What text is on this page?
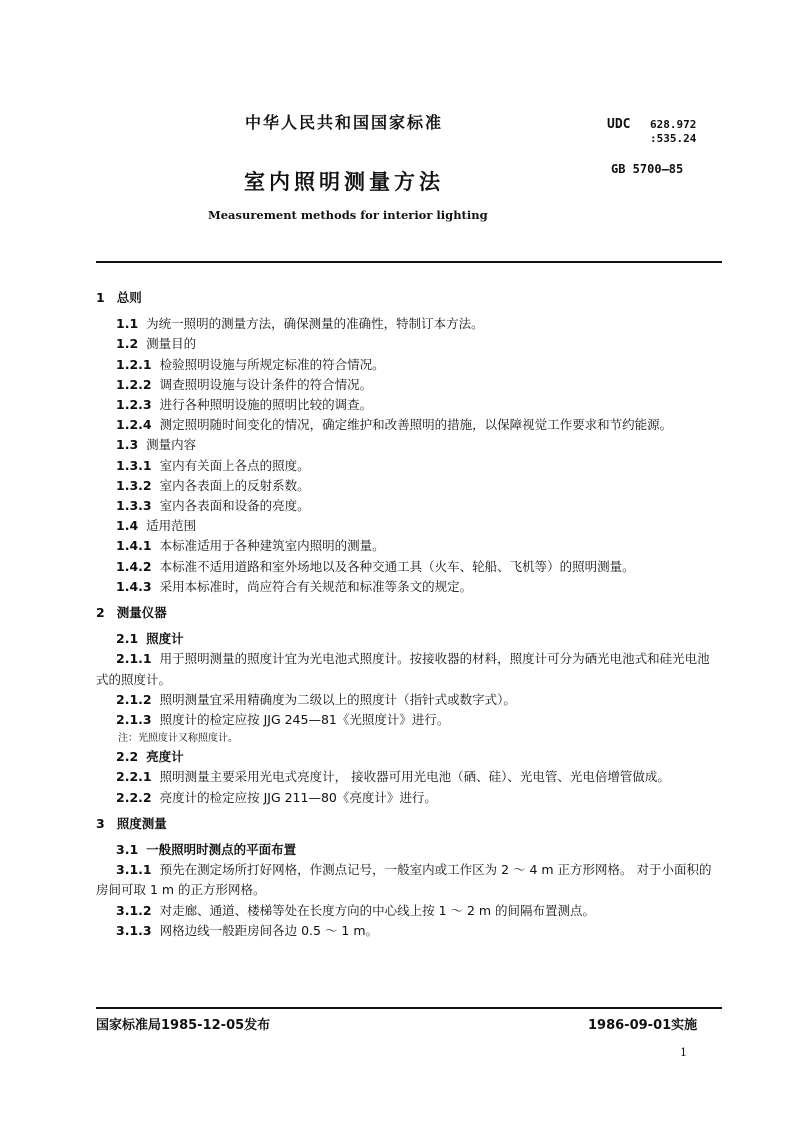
中华人民共和国国家标准	UDC 628.972
:535.24
GB 5700—85
室内照明测量方法
Measurement methods for interior lighting

1 总则

1.1 为统一照明的测量方法，确保测量的准确性，特制订本方法。

1.2 测量目的

1.2.1 检验照明设施与所规定标准的符合情况。

1.2.2 调查照明设施与设计条件的符合情况。

1.2.3 进行各种照明设施的照明比较的调查。

1.2.4 测定照明随时间变化的情况，确定维护和改善照明的措施，以保障视觉工作要求和节约能源。

1.3 测量内容

1.3.1 室内有关面上各点的照度。

1.3.2 室内各表面上的反射系数。

1.3.3 室内各表面和设备的亮度。

1.4 适用范围

1.4.1 本标准适用于各种建筑室内照明的测量。

1.4.2 本标准不适用道路和室外场地以及各种交通工具（火车、轮船、飞机等）的照明测量。

1.4.3 采用本标准时，尚应符合有关规范和标准等条文的规定。

2 测量仪器

2.1 照度计

2.1.1 用于照明测量的照度计宜为光电池式照度计。按接收器的材料，照度计可分为硒光电池式和硅光电池式的照度计。

2.1.2 照明测量宜采用精确度为二级以上的照度计（指针式或数字式）。

2.1.3 照度计的检定应按 JJG 245—81《光照度计》进行。

注：光照度计又称照度计。

2.2 亮度计

2.2.1 照明测量主要采用光电式亮度计， 接收器可用光电池（硒、硅）、光电管、光电倍增管做成。

2.2.2 亮度计的检定应按 JJG 211—80《亮度计》进行。

3 照度测量

3.1 一般照明时测点的平面布置

3.1.1 预先在测定场所打好网格，作测点记号，一般室内或工作区为 2 ～ 4 m 正方形网格。 对于小面积的房间可取 1 m 的正方形网格。

3.1.2 对走廊、通道、楼梯等处在长度方向的中心线上按 1 ～ 2 m 的间隔布置测点。

3.1.3 网格边线一般距房间各边 0.5 ～ 1 m。

国家标准局1985-12-05发布	1986-09-01实施
1
